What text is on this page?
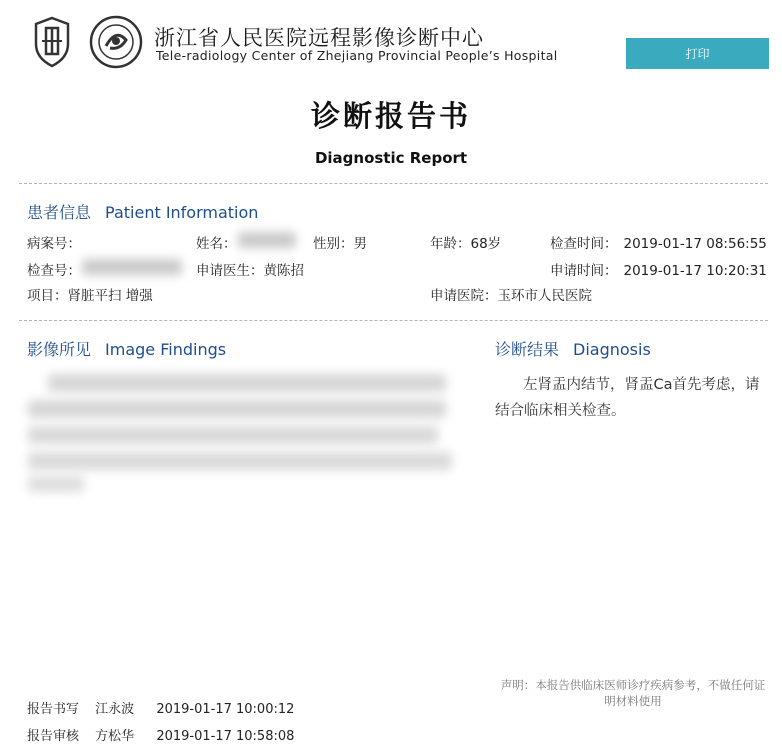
浙江省人民医院远程影像诊断中心
Tele-radiology Center of Zhejiang Provincial People’s Hospital	打印
诊断报告书
Diagnostic Report
患者信息 Patient Information
病案号：	姓名：	性别：男	年龄：68岁	检查时间： 2019-01-17 08:56:55
检查号：	申请医生：黄陈招	申请时间： 2019-01-17 10:20:31
项目：肾脏平扫 增强	申请医院：玉环市人民医院
影像所见 Image Findings	诊断结果 Diagnosis
左肾盂内结节，肾盂Ca首先考虑，请结合临床相关检查。
声明：本报告供临床医师诊疗疾病参考，不做任何证明材料使用
报告书写 江永波 2019-01-17 10:00:12
报告审核 方松华 2019-01-17 10:58:08
